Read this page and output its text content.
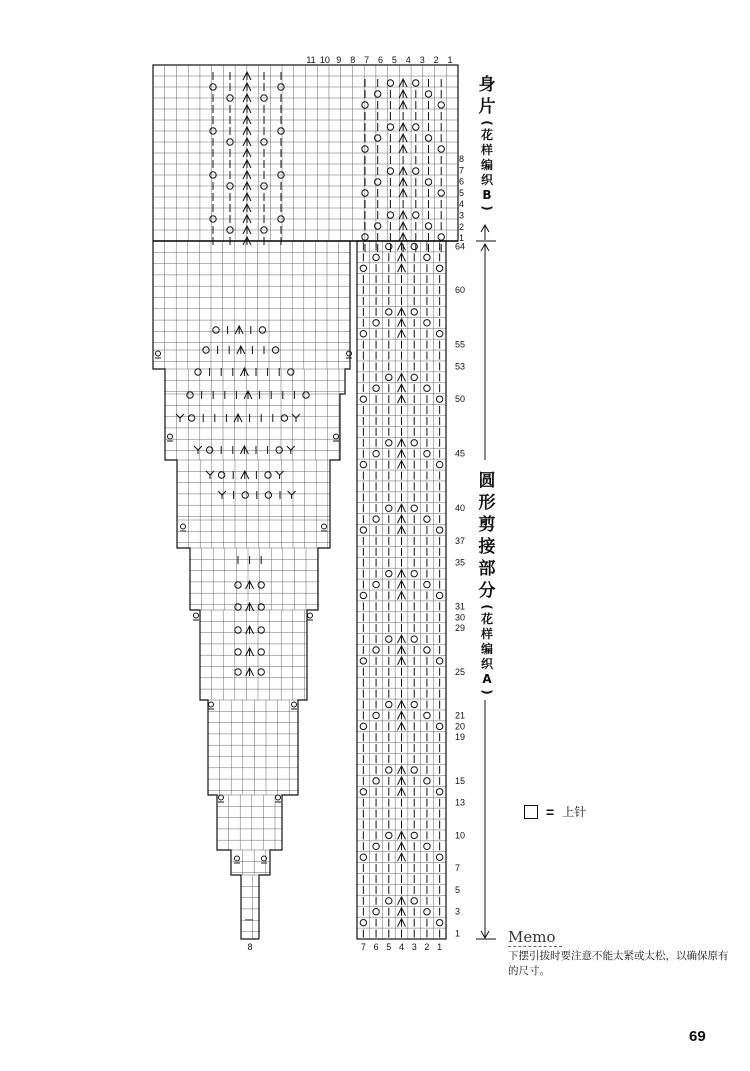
11 10 9 8 7 6 5 4 3 2 1
8
7
6
5
4
3
2
1
7 6 5 4 3 2 1
64
60
55
53
50
45
40
37
35
31
30
29
25
21
20
19
15
13
10
7
5
3
1
8
身
片
(
花
样
编
织
B
)
圆
形
剪
接
部
分
(
花
样
编
织
A
)
= 上针
Memo
下摆引拔时要注意不能太紧或太松，以确保原有的尺寸。
69
